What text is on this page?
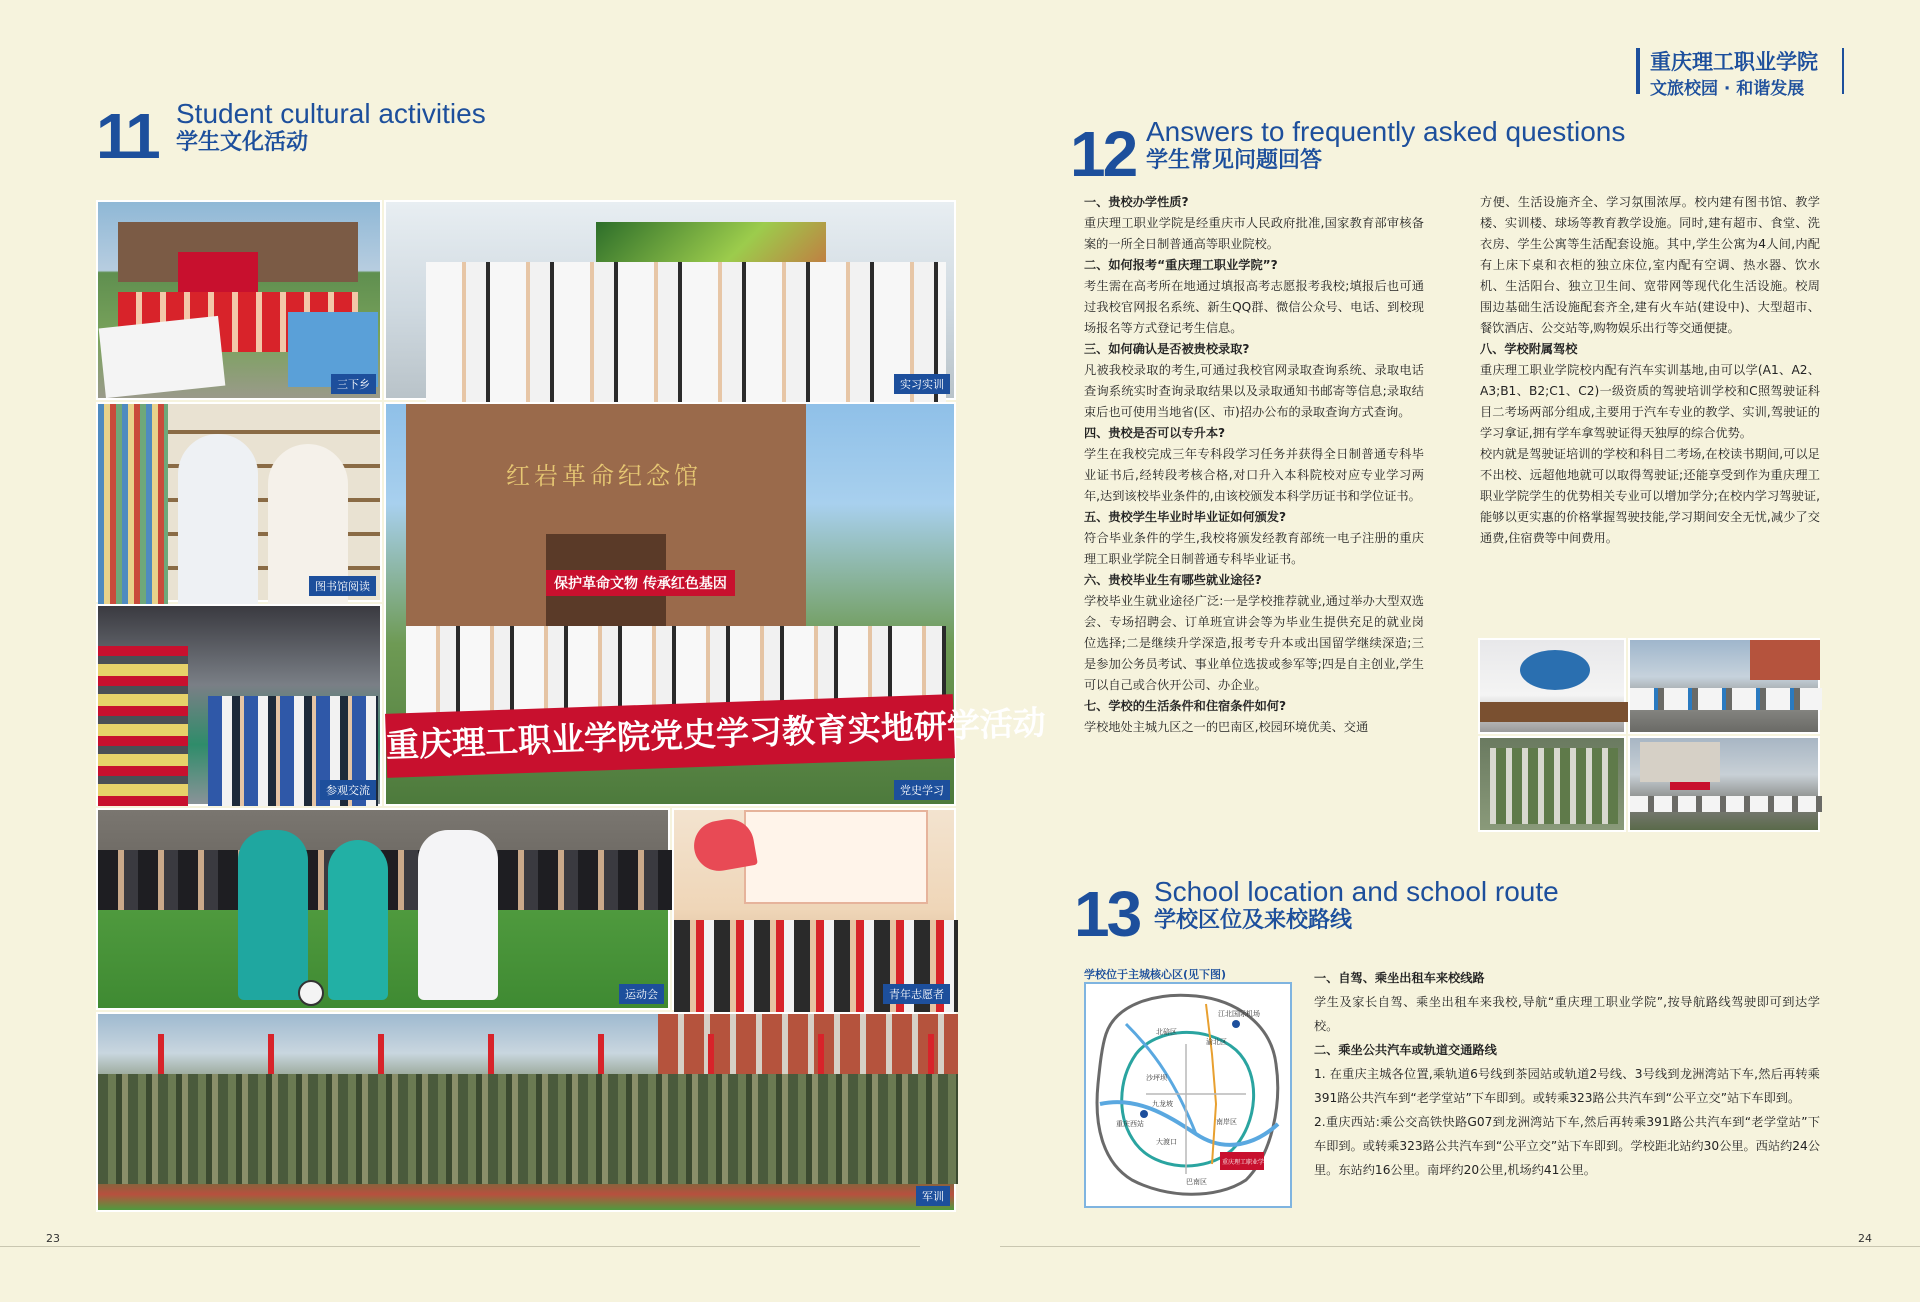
重庆理工职业学院
文旅校园 · 和谐发展
11 Student cultural activities
学生文化活动
三下乡	实习实训
图书馆阅读
红岩革命纪念馆
保护革命文物 传承红色基因
重庆理工职业学院党史学习教育实地研学活动
党史学习
参观交流
运动会	青年志愿者
军训
12 Answers to frequently asked questions
学生常见问题回答

一、贵校办学性质?

重庆理工职业学院是经重庆市人民政府批准,国家教育部审核备案的一所全日制普通高等职业院校。

二、如何报考“重庆理工职业学院”?

考生需在高考所在地通过填报高考志愿报考我校;填报后也可通过我校官网报名系统、新生QQ群、微信公众号、电话、到校现场报名等方式登记考生信息。

三、如何确认是否被贵校录取?

凡被我校录取的考生,可通过我校官网录取查询系统、录取电话查询系统实时查询录取结果以及录取通知书邮寄等信息;录取结束后也可使用当地省(区、市)招办公布的录取查询方式查询。

四、贵校是否可以专升本?

学生在我校完成三年专科段学习任务并获得全日制普通专科毕业证书后,经转段考核合格,对口升入本科院校对应专业学习两年,达到该校毕业条件的,由该校颁发本科学历证书和学位证书。

五、贵校学生毕业时毕业证如何颁发?

符合毕业条件的学生,我校将颁发经教育部统一电子注册的重庆理工职业学院全日制普通专科毕业证书。

六、贵校毕业生有哪些就业途径?

学校毕业生就业途径广泛:一是学校推荐就业,通过举办大型双选会、专场招聘会、订单班宣讲会等为毕业生提供充足的就业岗位选择;二是继续升学深造,报考专升本或出国留学继续深造;三是参加公务员考试、事业单位选拔或参军等;四是自主创业,学生可以自己或合伙开公司、办企业。

七、学校的生活条件和住宿条件如何?

学校地处主城九区之一的巴南区,校园环境优美、交通

方便、生活设施齐全、学习氛围浓厚。校内建有图书馆、教学楼、实训楼、球场等教育教学设施。同时,建有超市、食堂、洗衣房、学生公寓等生活配套设施。其中,学生公寓为4人间,内配有上床下桌和衣柜的独立床位,室内配有空调、热水器、饮水机、生活阳台、独立卫生间、宽带网等现代化生活设施。校周围边基础生活设施配套齐全,建有火车站(建设中)、大型超市、餐饮酒店、公交站等,购物娱乐出行等交通便捷。

八、学校附属驾校

重庆理工职业学院校内配有汽车实训基地,由可以学(A1、A2、A3;B1、B2;C1、C2)一级资质的驾驶培训学校和C照驾驶证科目二考场两部分组成,主要用于汽车专业的教学、实训,驾驶证的学习拿证,拥有学车拿驾驶证得天独厚的综合优势。

校内就是驾驶证培训的学校和科目二考场,在校读书期间,可以足不出校、远超他地就可以取得驾驶证;还能享受到作为重庆理工职业学院学生的优势相关专业可以增加学分;在校内学习驾驶证,能够以更实惠的价格掌握驾驶技能,学习期间安全无忧,减少了交通费,住宿费等中间费用。

13 School location and school route
学校区位及来校路线
学校位于主城核心区(见下图)
北碚区
渝北区
沙坪坝
九龙坡
大渡口
南岸区
巴南区
重庆西站
江北国际机场
重庆理工职业学院

一、自驾、乘坐出租车来校线路

学生及家长自驾、乘坐出租车来我校,导航“重庆理工职业学院”,按导航路线驾驶即可到达学校。

二、乘坐公共汽车或轨道交通路线

1. 在重庆主城各位置,乘轨道6号线到茶园站或轨道2号线、3号线到龙洲湾站下车,然后再转乘391路公共汽车到“老学堂站”下车即到。或转乘323路公共汽车到“公平立交”站下车即到。

2.重庆西站:乘公交高铁快路G07到龙洲湾站下车,然后再转乘391路公共汽车到“老学堂站”下车即到。或转乘323路公共汽车到“公平立交”站下车即到。学校距北站约30公里。西站约24公里。东站约16公里。南坪约20公里,机场约41公里。

23	24
